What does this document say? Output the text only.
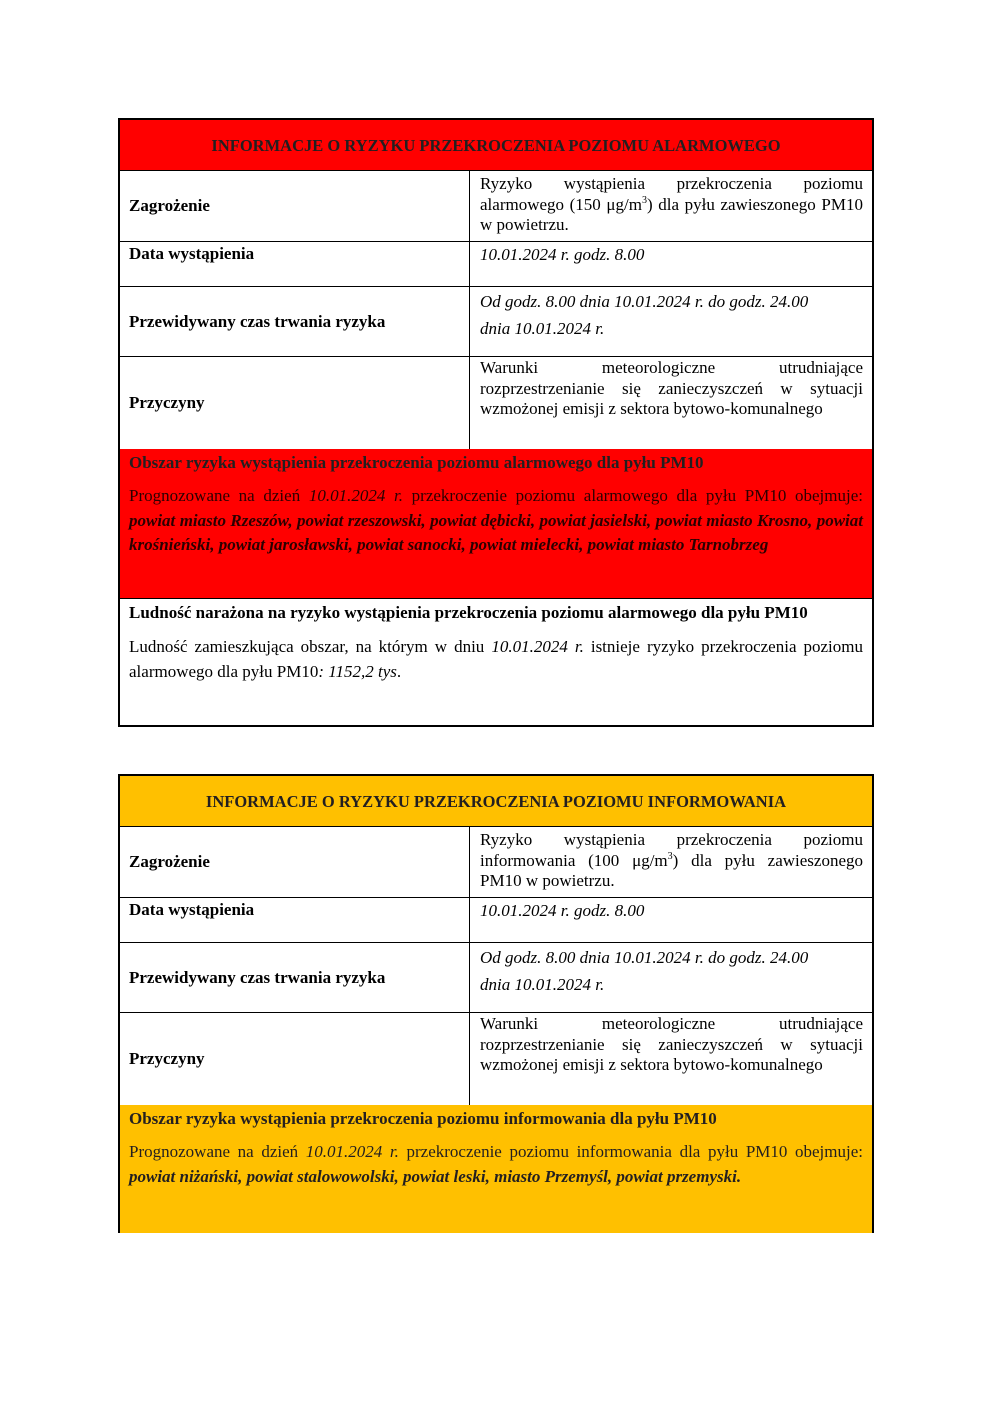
INFORMACJE O RYZYKU PRZEKROCZENIA POZIOMU ALARMOWEGO
Zagrożenie
Ryzyko wystąpienia przekroczenia poziomu alarmowego (150 $\mu g/m^3$) dla pyłu zawieszonego PM10 w powietrzu.
Data wystąpienia	10.01.2024 r. godz. 8.00
Przewidywany czas trwania ryzyka
Od godz. 8.00 dnia 10.01.2024 r. do godz. 24.00 dnia 10.01.2024 r.
Przyczyny
Warunki meteorologiczne utrudniające rozprzestrzenianie się zanieczyszczeń w sytuacji wzmożonej emisji z sektora bytowo-komunalnego
Obszar ryzyka wystąpienia przekroczenia poziomu alarmowego dla pyłu PM10
Prognozowane na dzień 10.01.2024 r. przekroczenie poziomu alarmowego dla pyłu PM10 obejmuje: powiat miasto Rzeszów, powiat rzeszowski, powiat dębicki, powiat jasielski, powiat miasto Krosno, powiat krośnieński, powiat jarosławski, powiat sanocki, powiat mielecki, powiat miasto Tarnobrzeg
Ludność narażona na ryzyko wystąpienia przekroczenia poziomu alarmowego dla pyłu PM10
Ludność zamieszkująca obszar, na którym w dniu 10.01.2024 r. istnieje ryzyko przekroczenia poziomu alarmowego dla pyłu PM10: 1152,2 tys.
INFORMACJE O RYZYKU PRZEKROCZENIA POZIOMU INFORMOWANIA
Zagrożenie
Ryzyko wystąpienia przekroczenia poziomu informowania (100 $\mu g/m^3$) dla pyłu zawieszonego PM10 w powietrzu.
Data wystąpienia	10.01.2024 r. godz. 8.00
Przewidywany czas trwania ryzyka
Od godz. 8.00 dnia 10.01.2024 r. do godz. 24.00 dnia 10.01.2024 r.
Przyczyny
Warunki meteorologiczne utrudniające rozprzestrzenianie się zanieczyszczeń w sytuacji wzmożonej emisji z sektora bytowo-komunalnego
Obszar ryzyka wystąpienia przekroczenia poziomu informowania dla pyłu PM10
Prognozowane na dzień 10.01.2024 r. przekroczenie poziomu informowania dla pyłu PM10 obejmuje: powiat niżański, powiat stalowowolski, powiat leski, miasto Przemyśl, powiat przemyski.
